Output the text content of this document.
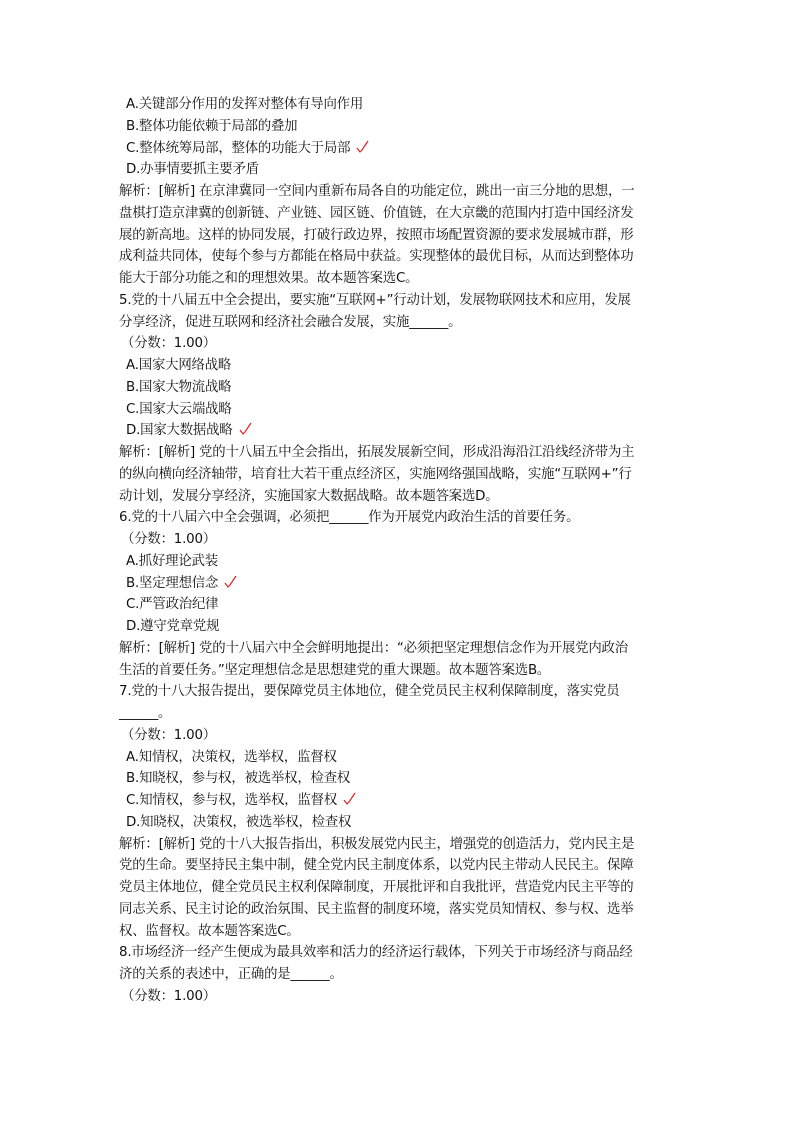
A.关键部分作用的发挥对整体有导向作用
B.整体功能依赖于局部的叠加
C.整体统筹局部，整体的功能大于局部
D.办事情要抓主要矛盾
解析：[解析] 在京津冀同一空间内重新布局各自的功能定位，跳出一亩三分地的思想，一
盘棋打造京津冀的创新链、产业链、园区链、价值链，在大京畿的范围内打造中国经济发
展的新高地。这样的协同发展，打破行政边界，按照市场配置资源的要求发展城市群，形
成利益共同体，使每个参与方都能在格局中获益。实现整体的最优目标，从而达到整体功
能大于部分功能之和的理想效果。故本题答案选C。
5.党的十八届五中全会提出，要实施“互联网+”行动计划，发展物联网技术和应用，发展
分享经济，促进互联网和经济社会融合发展，实施______。
（分数：1.00）
A.国家大网络战略
B.国家大物流战略
C.国家大云端战略
D.国家大数据战略
解析：[解析] 党的十八届五中全会指出，拓展发展新空间，形成沿海沿江沿线经济带为主
的纵向横向经济轴带，培育壮大若干重点经济区，实施网络强国战略，实施“互联网+”行
动计划，发展分享经济，实施国家大数据战略。故本题答案选D。
6.党的十八届六中全会强调，必须把______作为开展党内政治生活的首要任务。
（分数：1.00）
A.抓好理论武装
B.坚定理想信念
C.严管政治纪律
D.遵守党章党规
解析：[解析] 党的十八届六中全会鲜明地提出：“必须把坚定理想信念作为开展党内政治
生活的首要任务。”坚定理想信念是思想建党的重大课题。故本题答案选B。
7.党的十八大报告提出，要保障党员主体地位，健全党员民主权利保障制度，落实党员
______。
（分数：1.00）
A.知情权，决策权，选举权，监督权
B.知晓权，参与权，被选举权，检查权
C.知情权，参与权，选举权，监督权
D.知晓权，决策权，被选举权，检查权
解析：[解析] 党的十八大报告指出，积极发展党内民主，增强党的创造活力，党内民主是
党的生命。要坚持民主集中制，健全党内民主制度体系，以党内民主带动人民民主。保障
党员主体地位，健全党员民主权利保障制度，开展批评和自我批评，营造党内民主平等的
同志关系、民主讨论的政治氛围、民主监督的制度环境，落实党员知情权、参与权、选举
权、监督权。故本题答案选C。
8.市场经济一经产生便成为最具效率和活力的经济运行载体，下列关于市场经济与商品经
济的关系的表述中，正确的是______。
（分数：1.00）
